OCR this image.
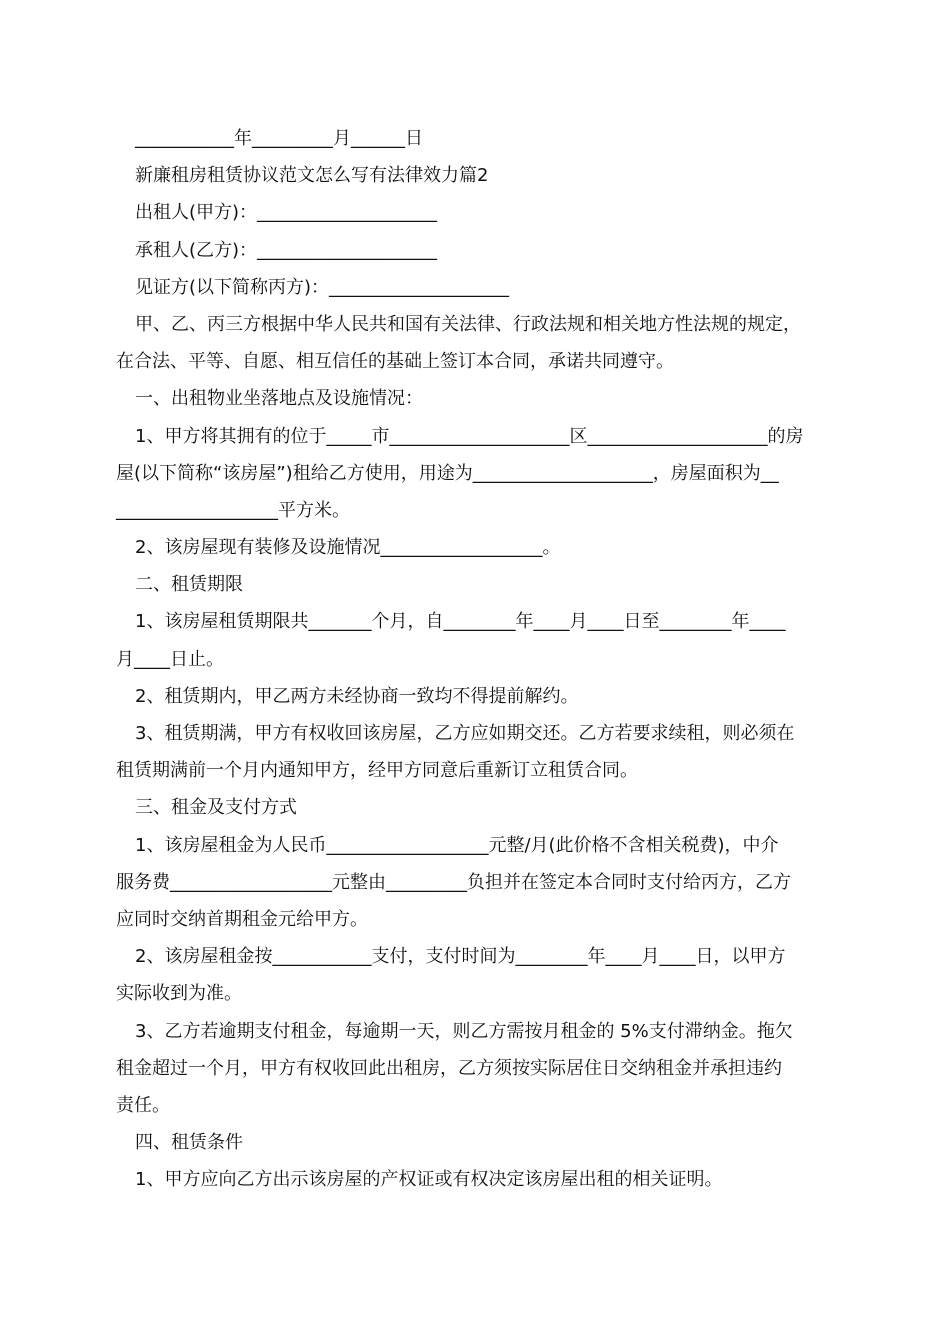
___________年_________月______日
新廉租房租赁协议范文怎么写有法律效力篇2
出租人(甲方)：____________________
承租人(乙方)：____________________
见证方(以下简称丙方)：____________________
甲、乙、丙三方根据中华人民共和国有关法律、行政法规和相关地方性法规的规定，
在合法、平等、自愿、相互信任的基础上签订本合同，承诺共同遵守。
一、出租物业坐落地点及设施情况：
1、甲方将其拥有的位于_____市____________________区____________________的房
屋(以下简称“该房屋”)租给乙方使用，用途为____________________，房屋面积为__
__________________平方米。
2、该房屋现有装修及设施情况__________________。
二、租赁期限
1、该房屋租赁期限共_______个月，自________年____月____日至________年____
月____日止。
2、租赁期内，甲乙两方未经协商一致均不得提前解约。
3、租赁期满，甲方有权收回该房屋，乙方应如期交还。乙方若要求续租，则必须在
租赁期满前一个月内通知甲方，经甲方同意后重新订立租赁合同。
三、租金及支付方式
1、该房屋租金为人民币__________________元整/月(此价格不含相关税费)，中介
服务费__________________元整由_________负担并在签定本合同时支付给丙方，乙方
应同时交纳首期租金元给甲方。
2、该房屋租金按___________支付，支付时间为________年____月____日，以甲方
实际收到为准。
3、乙方若逾期支付租金，每逾期一天，则乙方需按月租金的 5%支付滞纳金。拖欠
租金超过一个月，甲方有权收回此出租房，乙方须按实际居住日交纳租金并承担违约
责任。
四、租赁条件
1、甲方应向乙方出示该房屋的产权证或有权决定该房屋出租的相关证明。
